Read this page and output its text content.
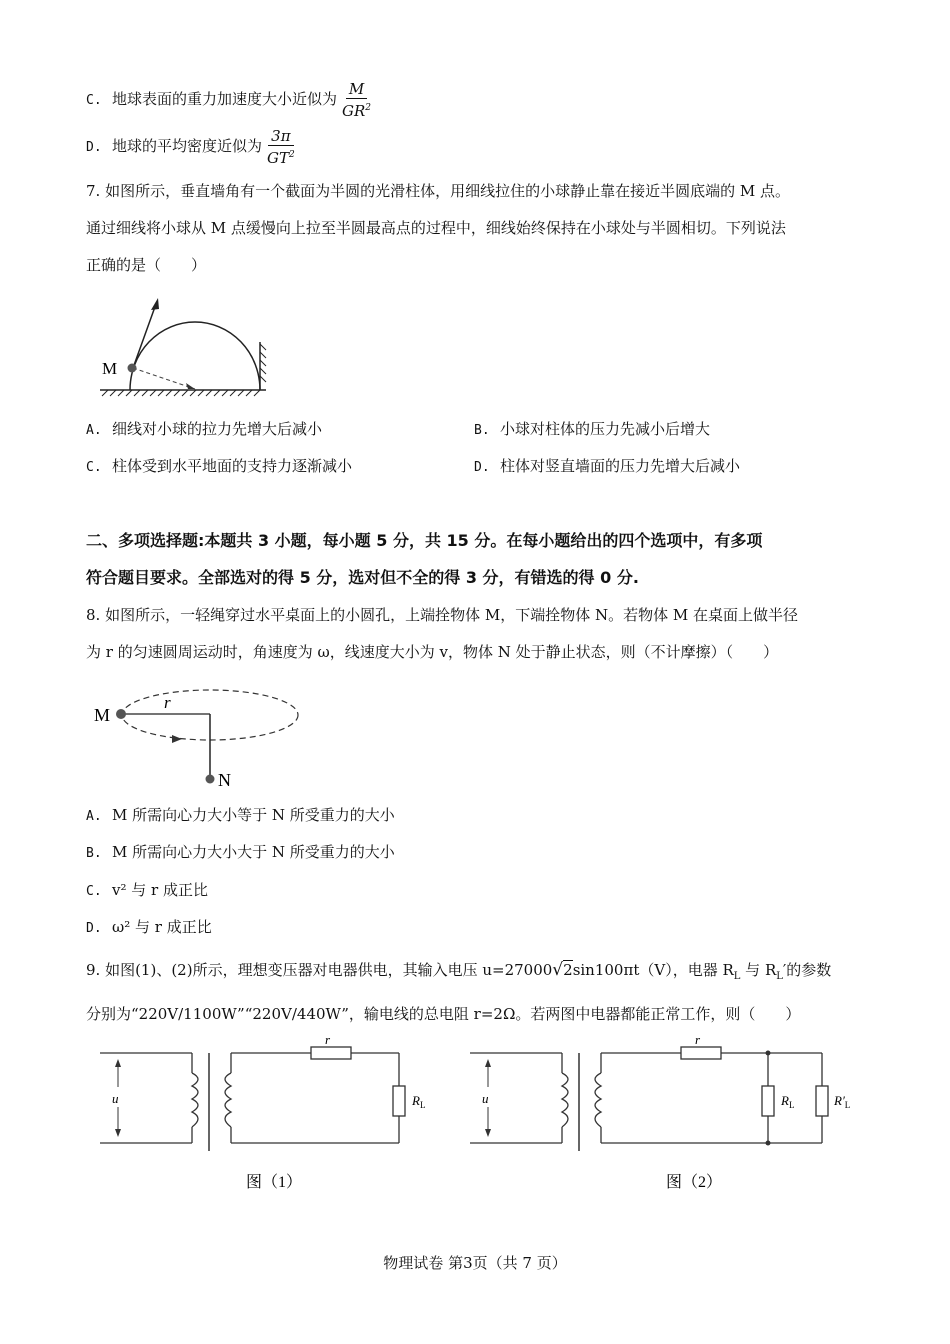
C. 地球表面的重力加速度大小近似为 $\frac{M}{GR^2}$
D. 地球的平均密度近似为 $\frac{3\pi}{GT^2}$
7. 如图所示，垂直墙角有一个截面为半圆的光滑柱体，用细线拉住的小球静止靠在接近半圆底端的 M 点。
通过细线将小球从 M 点缓慢向上拉至半圆最高点的过程中，细线始终保持在小球处与半圆相切。下列说法
正确的是（　　）
M
A. 细线对小球的拉力先增大后减小	B. 小球对柱体的压力先减小后增大
C. 柱体受到水平地面的支持力逐渐减小	D. 柱体对竖直墙面的压力先增大后减小
二、多项选择题:本题共 3 小题，每小题 5 分，共 15 分。在每小题给出的四个选项中，有多项
符合题目要求。全部选对的得 5 分，选对但不全的得 3 分，有错选的得 0 分.
8. 如图所示，一轻绳穿过水平桌面上的小圆孔，上端拴物体 M，下端拴物体 N。若物体 M 在桌面上做半径
为 r 的匀速圆周运动时，角速度为 ω，线速度大小为 v，物体 N 处于静止状态，则（不计摩擦）（　　）
M
r
N
A. M 所需向心力大小等于 N 所受重力的大小
B. M 所需向心力大小大于 N 所受重力的大小
C. v² 与 r 成正比
D. ω² 与 r 成正比
9. 如图(1)、(2)所示，理想变压器对电器供电，其输入电压 u=27000√2sin100πt（V），电器 $R_L$ 与 $R_L'$的参数
分别为“220V/1100W”“220V/440W”，输电线的总电阻 r=2Ω。若两图中电器都能正常工作，则（　　）
u
r
$R_L$
图（1）
u
r
$R_L$	$R'_L$
图（2）
物理试卷 第3页（共 7 页）
